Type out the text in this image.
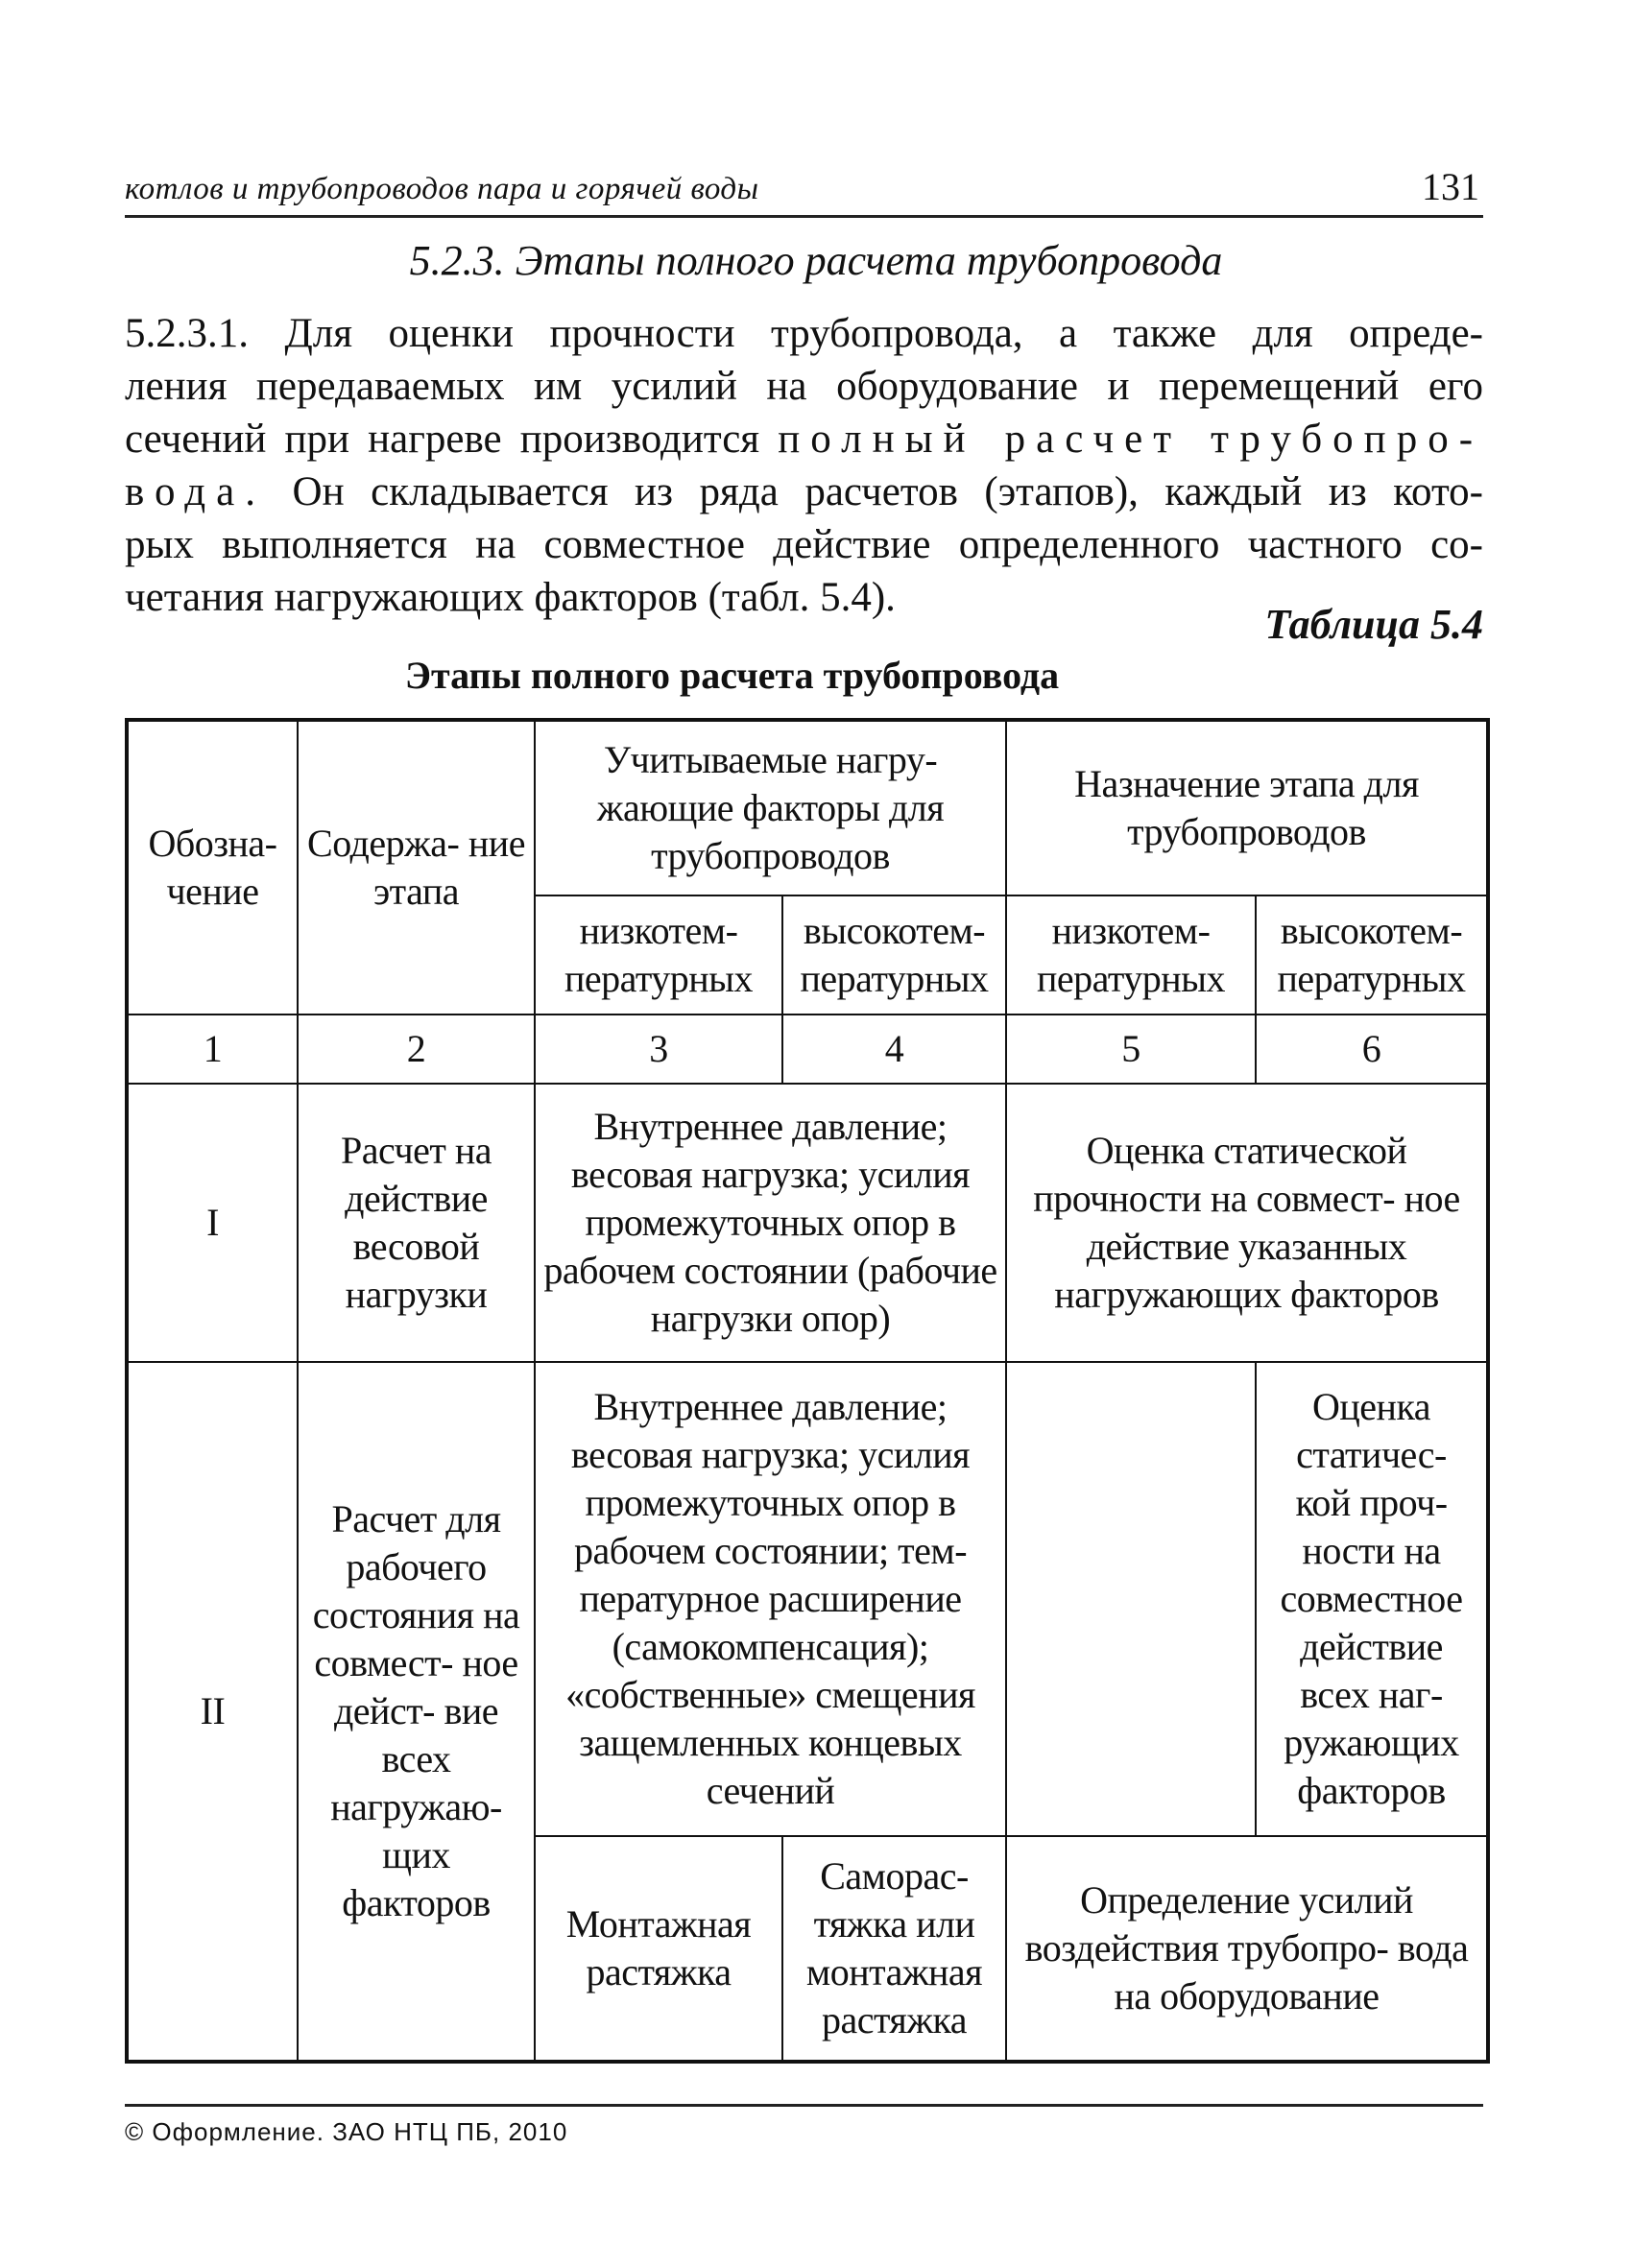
котлов и трубопроводов пара и горячей воды	131
5.2.3. Этапы полного расчета трубопровода
5.2.3.1. Для оценки прочности трубопровода, а также для опреде-
ления передаваемых им усилий на оборудование и перемещений его
сечений при нагреве производится полный расчет трубопро-
вода. Он складывается из ряда расчетов (этапов), каждый из кото-
рых выполняется на совместное действие определенного частного со-
четания нагружающих факторов (табл. 5.4).
Таблица 5.4
Этапы полного расчета трубопровода
Обозна- чение	Содержа- ние этапа	Учитываемые нагру- жающие факторы для трубопроводов		Назначение этапа для трубопроводов	
		низкотем- пературных	высокотем- пературных	низкотем- пературных	высокотем- пературных
1	2	3	4	5	6
I	Расчет на действие весовой нагрузки	Внутреннее давление; весовая нагрузка; усилия промежуточных опор в рабочем состоянии (рабочие нагрузки опор)		Оценка статической прочности на совмест- ное действие указанных нагружающих факторов	
II	Расчет для рабочего состояния на совмест- ное дейст- вие всех нагружаю- щих факторов	Внутреннее давление; весовая нагрузка; усилия промежуточных опор в рабочем состоянии; тем- пературное расширение (самокомпенсация); «собственные» смещения защемленных концевых сечений			Оценка статичес- кой проч- ности на совместное действие всех наг- ружающих факторов
		Монтажная растяжка	Саморас- тяжка или монтажная растяжка	Определение усилий воздействия трубопро- вода на оборудование	
© Оформление. ЗАО НТЦ ПБ, 2010
